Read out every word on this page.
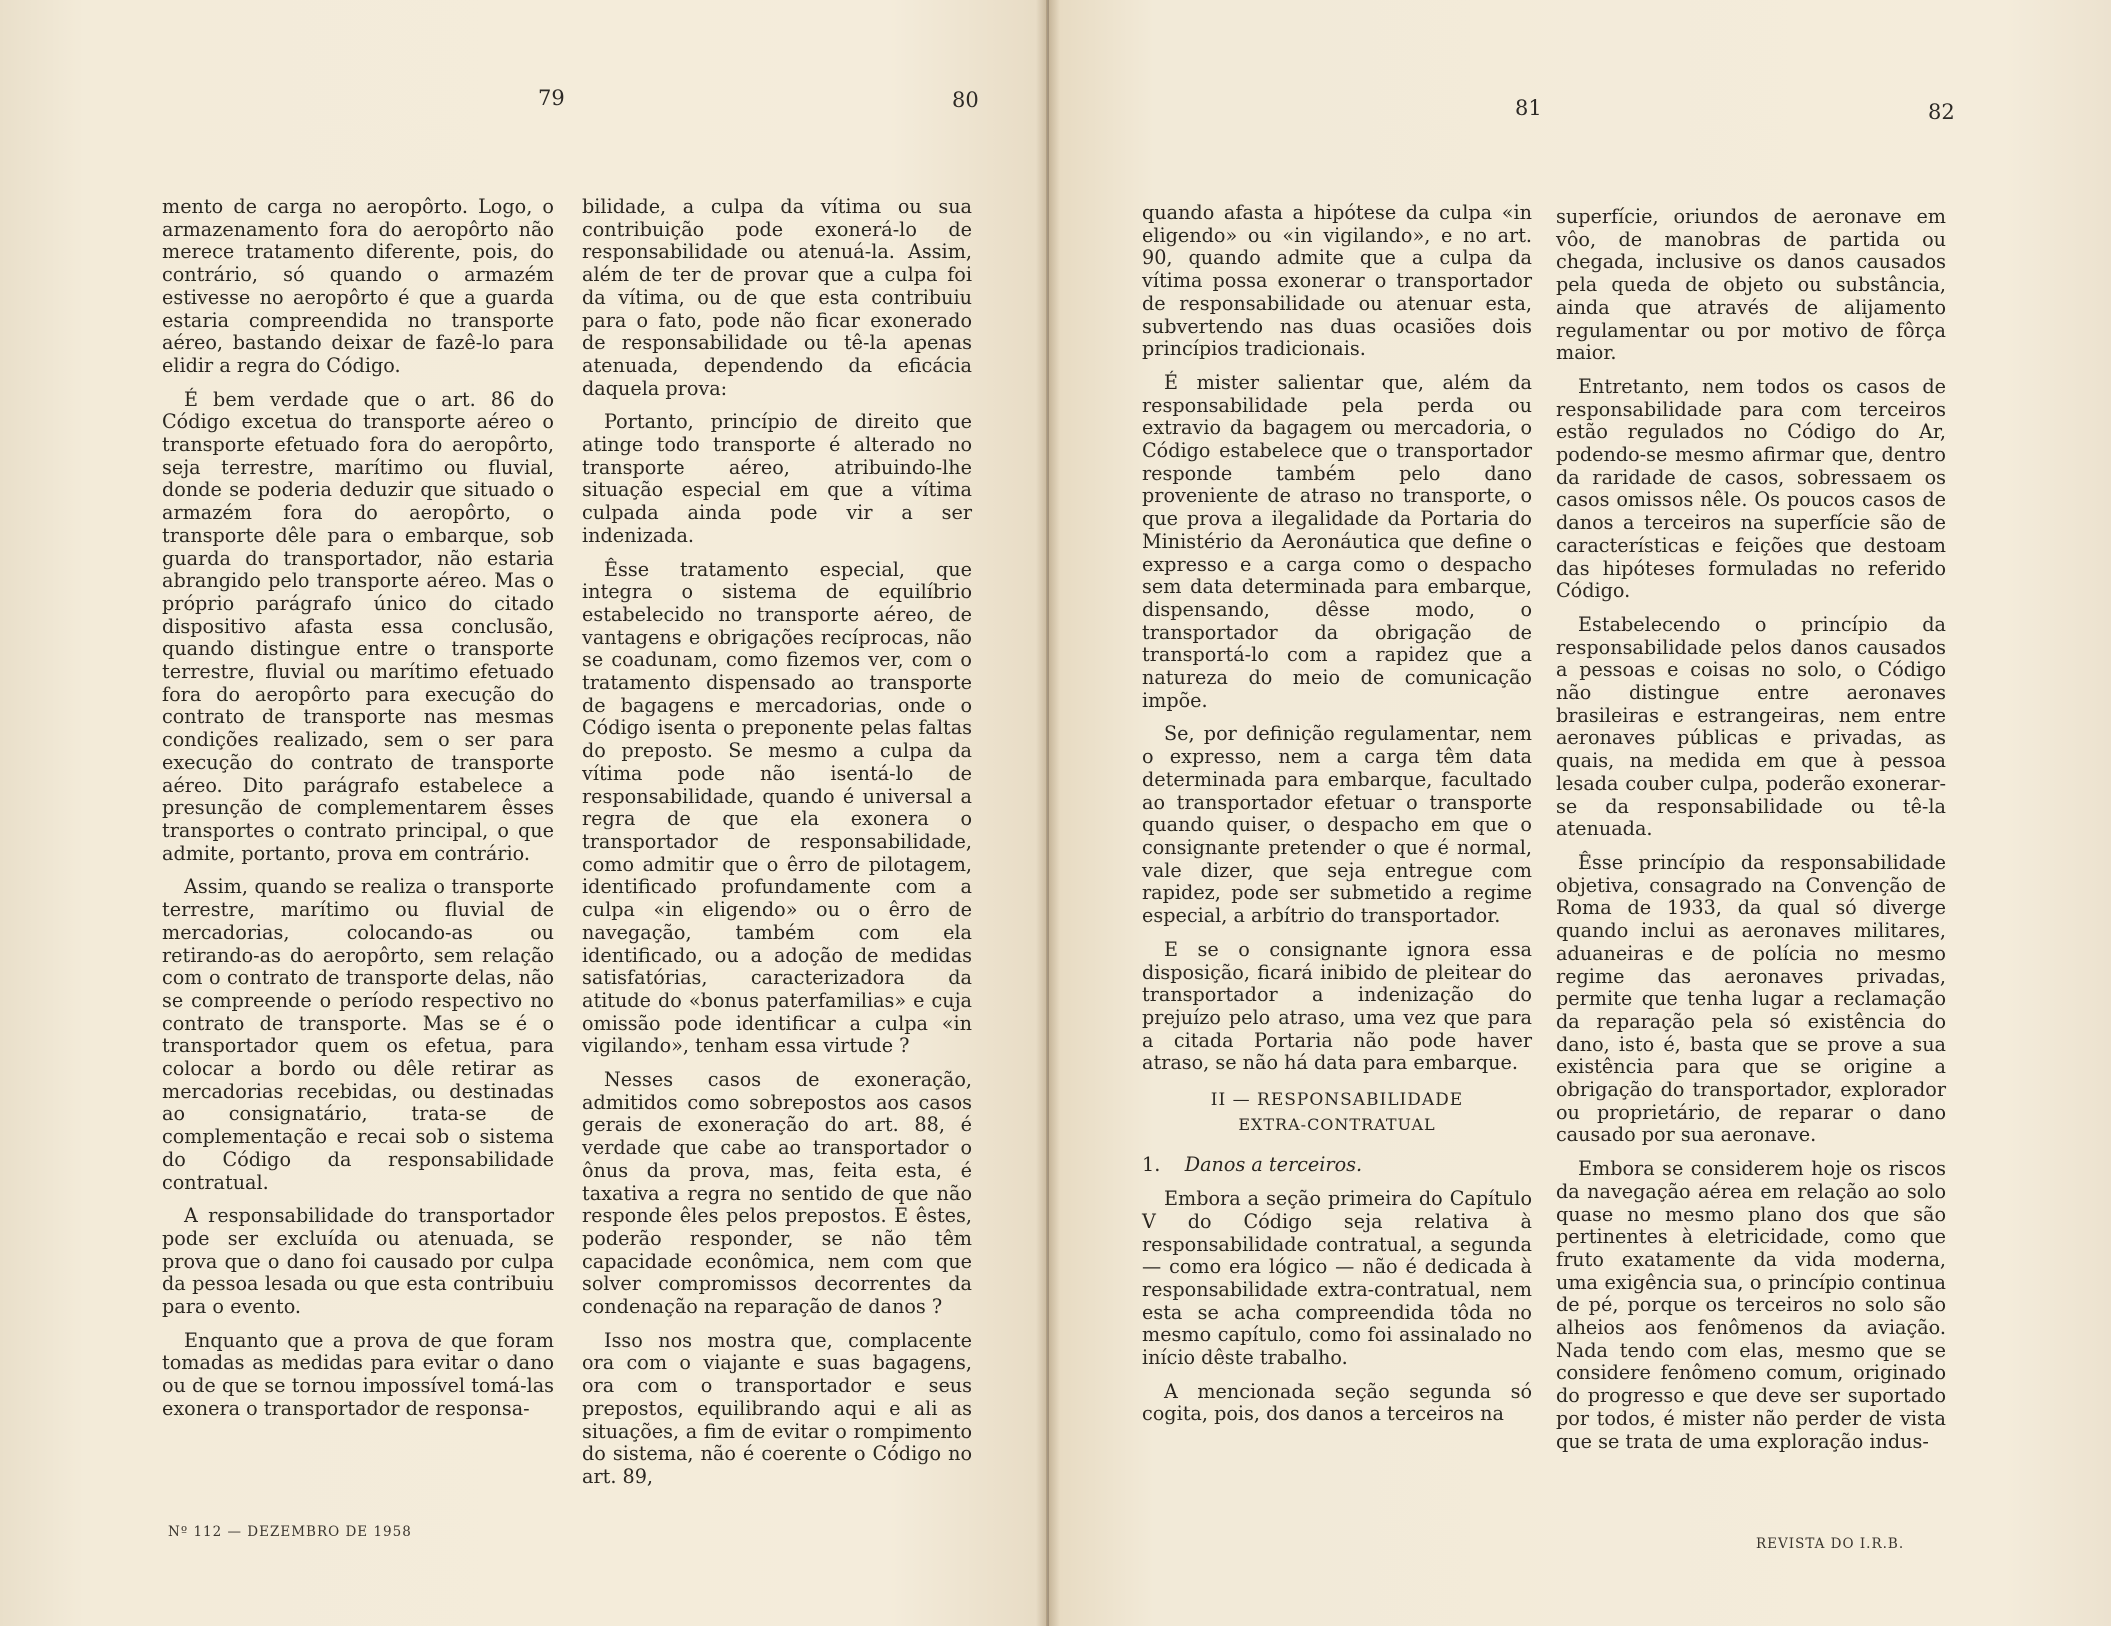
79	80	81	82

mento de carga no aeropôrto. Logo, o armazenamento fora do aeropôrto não merece tratamento diferente, pois, do contrário, só quando o armazém estivesse no aeropôrto é que a guarda estaria compreendida no transporte aéreo, bastando deixar de fazê-lo para elidir a regra do Código.

É bem verdade que o art. 86 do Código excetua do transporte aéreo o transporte efetuado fora do aeropôrto, seja terrestre, marítimo ou fluvial, donde se poderia deduzir que situado o armazém fora do aeropôrto, o transporte dêle para o embarque, sob guarda do transportador, não estaria abrangido pelo transporte aéreo. Mas o próprio parágrafo único do citado dispositivo afasta essa conclusão, quando distingue entre o transporte terrestre, fluvial ou marítimo efetuado fora do aeropôrto para execução do contrato de transporte nas mesmas condições realizado, sem o ser para execução do contrato de transporte aéreo. Dito parágrafo estabelece a presunção de complementarem êsses transportes o contrato principal, o que admite, portanto, prova em contrário.

Assim, quando se realiza o transporte terrestre, marítimo ou fluvial de mercadorias, colocando-as ou retirando-as do aeropôrto, sem relação com o contrato de transporte delas, não se compreende o período respectivo no contrato de transporte. Mas se é o transportador quem os efetua, para colocar a bordo ou dêle retirar as mercadorias recebidas, ou destinadas ao consignatário, trata-se de complementação e recai sob o sistema do Código da responsabilidade contratual.

A responsabilidade do transportador pode ser excluída ou atenuada, se prova que o dano foi causado por culpa da pessoa lesada ou que esta contribuiu para o evento.

Enquanto que a prova de que foram tomadas as medidas para evitar o dano ou de que se tornou impossível tomá-las exonera o transportador de responsa-

bilidade, a culpa da vítima ou sua contribuição pode exonerá-lo de responsabilidade ou atenuá-la. Assim, além de ter de provar que a culpa foi da vítima, ou de que esta contribuiu para o fato, pode não ficar exonerado de responsabilidade ou tê-la apenas atenuada, dependendo da eficácia daquela prova:

Portanto, princípio de direito que atinge todo transporte é alterado no transporte aéreo, atribuindo-lhe situação especial em que a vítima culpada ainda pode vir a ser indenizada.

Êsse tratamento especial, que integra o sistema de equilíbrio estabelecido no transporte aéreo, de vantagens e obrigações recíprocas, não se coadunam, como fizemos ver, com o tratamento dispensado ao transporte de bagagens e mercadorias, onde o Código isenta o preponente pelas faltas do preposto. Se mesmo a culpa da vítima pode não isentá-lo de responsabilidade, quando é universal a regra de que ela exonera o transportador de responsabilidade, como admitir que o êrro de pilotagem, identificado profundamente com a culpa «in eligendo» ou o êrro de navegação, também com ela identificado, ou a adoção de medidas satisfatórias, caracterizadora da atitude do «bonus paterfamilias» e cuja omissão pode identificar a culpa «in vigilando», tenham essa virtude ?

Nesses casos de exoneração, admitidos como sobrepostos aos casos gerais de exoneração do art. 88, é verdade que cabe ao transportador o ônus da prova, mas, feita esta, é taxativa a regra no sentido de que não responde êles pelos prepostos. E êstes, poderão responder, se não têm capacidade econômica, nem com que solver compromissos decorrentes da condenação na reparação de danos ?

Isso nos mostra que, complacente ora com o viajante e suas bagagens, ora com o transportador e seus prepostos, equilibrando aqui e ali as situações, a fim de evitar o rompimento do sistema, não é coerente o Código no art. 89,

quando afasta a hipótese da culpa «in eligendo» ou «in vigilando», e no art. 90, quando admite que a culpa da vítima possa exonerar o transportador de responsabilidade ou atenuar esta, subvertendo nas duas ocasiões dois princípios tradicionais.

É mister salientar que, além da responsabilidade pela perda ou extravio da bagagem ou mercadoria, o Código estabelece que o transportador responde também pelo dano proveniente de atraso no transporte, o que prova a ilegalidade da Portaria do Ministério da Aeronáutica que define o expresso e a carga como o despacho sem data determinada para embarque, dispensando, dêsse modo, o transportador da obrigação de transportá-lo com a rapidez que a natureza do meio de comunicação impõe.

Se, por definição regulamentar, nem o expresso, nem a carga têm data determinada para embarque, facultado ao transportador efetuar o transporte quando quiser, o despacho em que o consignante pretender o que é normal, vale dizer, que seja entregue com rapidez, pode ser submetido a regime especial, a arbítrio do transportador.

E se o consignante ignora essa disposição, ficará inibido de pleitear do transportador a indenização do prejuízo pelo atraso, uma vez que para a citada Portaria não pode haver atraso, se não há data para embarque.

II — RESPONSABILIDADE
EXTRA-CONTRATUAL

1. Danos a terceiros.

Embora a seção primeira do Capítulo V do Código seja relativa à responsabilidade contratual, a segunda — como era lógico — não é dedicada à responsabilidade extra-contratual, nem esta se acha compreendida tôda no mesmo capítulo, como foi assinalado no início dêste trabalho.

A mencionada seção segunda só cogita, pois, dos danos a terceiros na

superfície, oriundos de aeronave em vôo, de manobras de partida ou chegada, inclusive os danos causados pela queda de objeto ou substância, ainda que através de alijamento regulamentar ou por motivo de fôrça maior.

Entretanto, nem todos os casos de responsabilidade para com terceiros estão regulados no Código do Ar, podendo-se mesmo afirmar que, dentro da raridade de casos, sobressaem os casos omissos nêle. Os poucos casos de danos a terceiros na superfície são de características e feições que destoam das hipóteses formuladas no referido Código.

Estabelecendo o princípio da responsabilidade pelos danos causados a pessoas e coisas no solo, o Código não distingue entre aeronaves brasileiras e estrangeiras, nem entre aeronaves públicas e privadas, as quais, na medida em que à pessoa lesada couber culpa, poderão exonerar-se da responsabilidade ou tê-la atenuada.

Êsse princípio da responsabilidade objetiva, consagrado na Convenção de Roma de 1933, da qual só diverge quando inclui as aeronaves militares, aduaneiras e de polícia no mesmo regime das aeronaves privadas, permite que tenha lugar a reclamação da reparação pela só existência do dano, isto é, basta que se prove a sua existência para que se origine a obrigação do transportador, explorador ou proprietário, de reparar o dano causado por sua aeronave.

Embora se considerem hoje os riscos da navegação aérea em relação ao solo quase no mesmo plano dos que são pertinentes à eletricidade, como que fruto exatamente da vida moderna, uma exigência sua, o princípio continua de pé, porque os terceiros no solo são alheios aos fenômenos da aviação. Nada tendo com elas, mesmo que se considere fenômeno comum, originado do progresso e que deve ser suportado por todos, é mister não perder de vista que se trata de uma exploração indus-

Nº 112 — DEZEMBRO DE 1958
REVISTA DO I.R.B.
